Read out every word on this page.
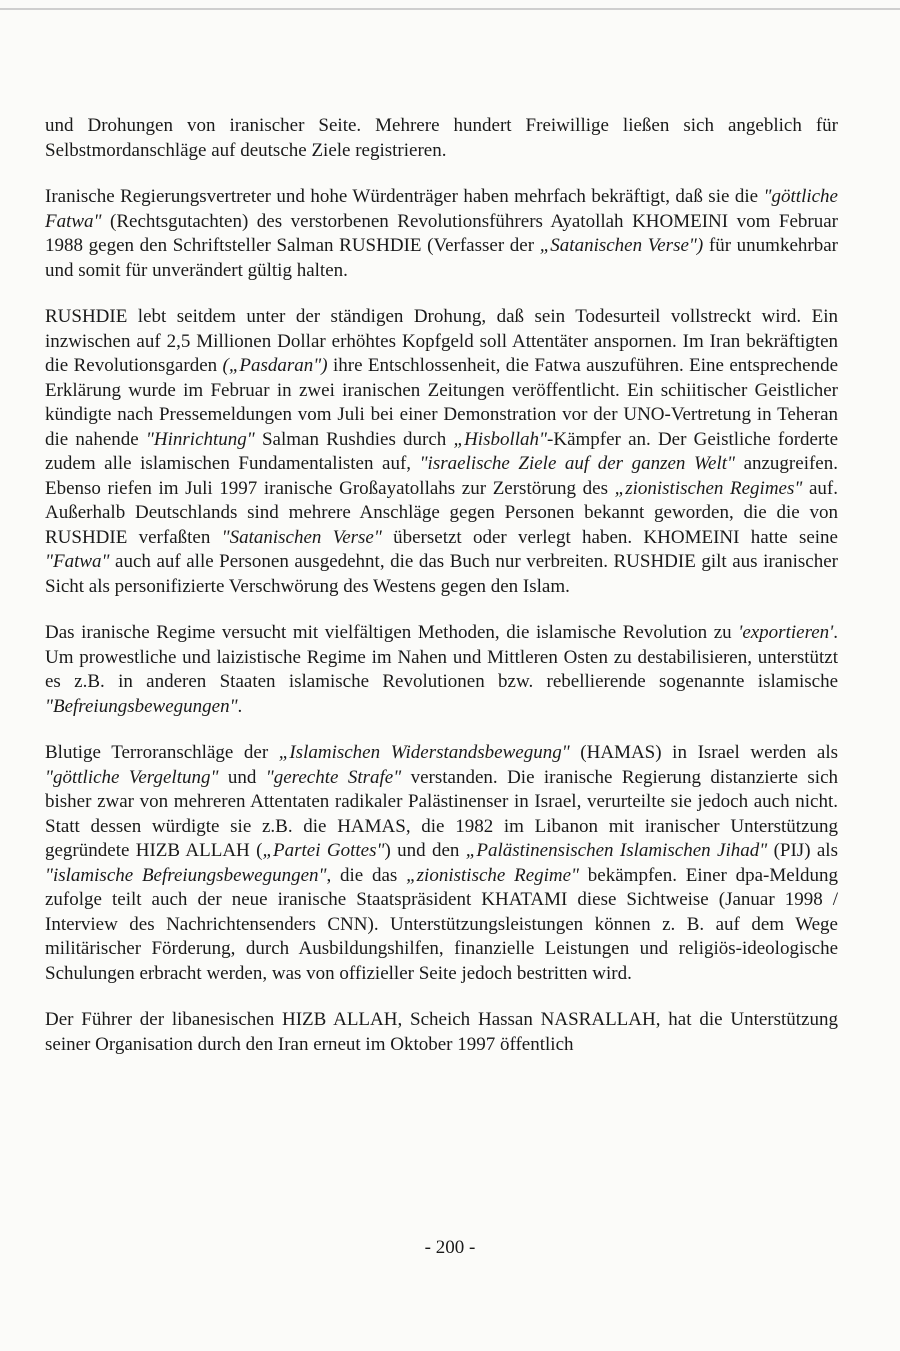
und Drohungen von iranischer Seite. Mehrere hundert Freiwillige ließen sich angeblich für Selbstmordanschläge auf deutsche Ziele registrieren.

Iranische Regierungsvertreter und hohe Würdenträger haben mehrfach bekräftigt, daß sie die "göttliche Fatwa" (Rechtsgutachten) des verstorbenen Revolutionsführers Ayatollah KHOMEINI vom Februar 1988 gegen den Schriftsteller Salman RUSHDIE (Verfasser der „Satanischen Verse") für unumkehrbar und somit für unverändert gültig halten.

RUSHDIE lebt seitdem unter der ständigen Drohung, daß sein Todesurteil vollstreckt wird. Ein inzwischen auf 2,5 Millionen Dollar erhöhtes Kopfgeld soll Attentäter anspornen. Im Iran bekräftigten die Revolutionsgarden („Pasdaran") ihre Entschlossenheit, die Fatwa auszuführen. Eine entsprechende Erklärung wurde im Februar in zwei iranischen Zeitungen veröffentlicht. Ein schiitischer Geistlicher kündigte nach Pressemeldungen vom Juli bei einer Demonstration vor der UNO-Vertretung in Teheran die nahende "Hinrichtung" Salman Rushdies durch „Hisbollah"-Kämpfer an. Der Geistliche forderte zudem alle islamischen Fundamentalisten auf, "israelische Ziele auf der ganzen Welt" anzugreifen. Ebenso riefen im Juli 1997 iranische Großayatollahs zur Zerstörung des „zionistischen Regimes" auf. Außerhalb Deutschlands sind mehrere Anschläge gegen Personen bekannt geworden, die die von RUSHDIE verfaßten "Satanischen Verse" übersetzt oder verlegt haben. KHOMEINI hatte seine "Fatwa" auch auf alle Personen ausgedehnt, die das Buch nur verbreiten. RUSHDIE gilt aus iranischer Sicht als personifizierte Verschwörung des Westens gegen den Islam.

Das iranische Regime versucht mit vielfältigen Methoden, die islamische Revolution zu 'exportieren'. Um prowestliche und laizistische Regime im Nahen und Mittleren Osten zu destabilisieren, unterstützt es z.B. in anderen Staaten islamische Revolutionen bzw. rebellierende sogenannte islamische "Befreiungsbewegungen".

Blutige Terroranschläge der „Islamischen Widerstandsbewegung" (HAMAS) in Israel werden als "göttliche Vergeltung" und "gerechte Strafe" verstanden. Die iranische Regierung distanzierte sich bisher zwar von mehreren Attentaten radikaler Palästinenser in Israel, verurteilte sie jedoch auch nicht. Statt dessen würdigte sie z.B. die HAMAS, die 1982 im Libanon mit iranischer Unterstützung gegründete HIZB ALLAH („Partei Gottes") und den „Palästinensischen Islamischen Jihad" (PIJ) als "islamische Befreiungsbewegungen", die das „zionistische Regime" bekämpfen. Einer dpa-Meldung zufolge teilt auch der neue iranische Staatspräsident KHATAMI diese Sichtweise (Januar 1998 / Interview des Nachrichtensenders CNN). Unterstützungsleistungen können z. B. auf dem Wege militärischer Förderung, durch Ausbildungshilfen, finanzielle Leistungen und religiös-ideologische Schulungen erbracht werden, was von offizieller Seite jedoch bestritten wird.

Der Führer der libanesischen HIZB ALLAH, Scheich Hassan NASRALLAH, hat die Unterstützung seiner Organisation durch den Iran erneut im Oktober 1997 öffentlich

- 200 -
